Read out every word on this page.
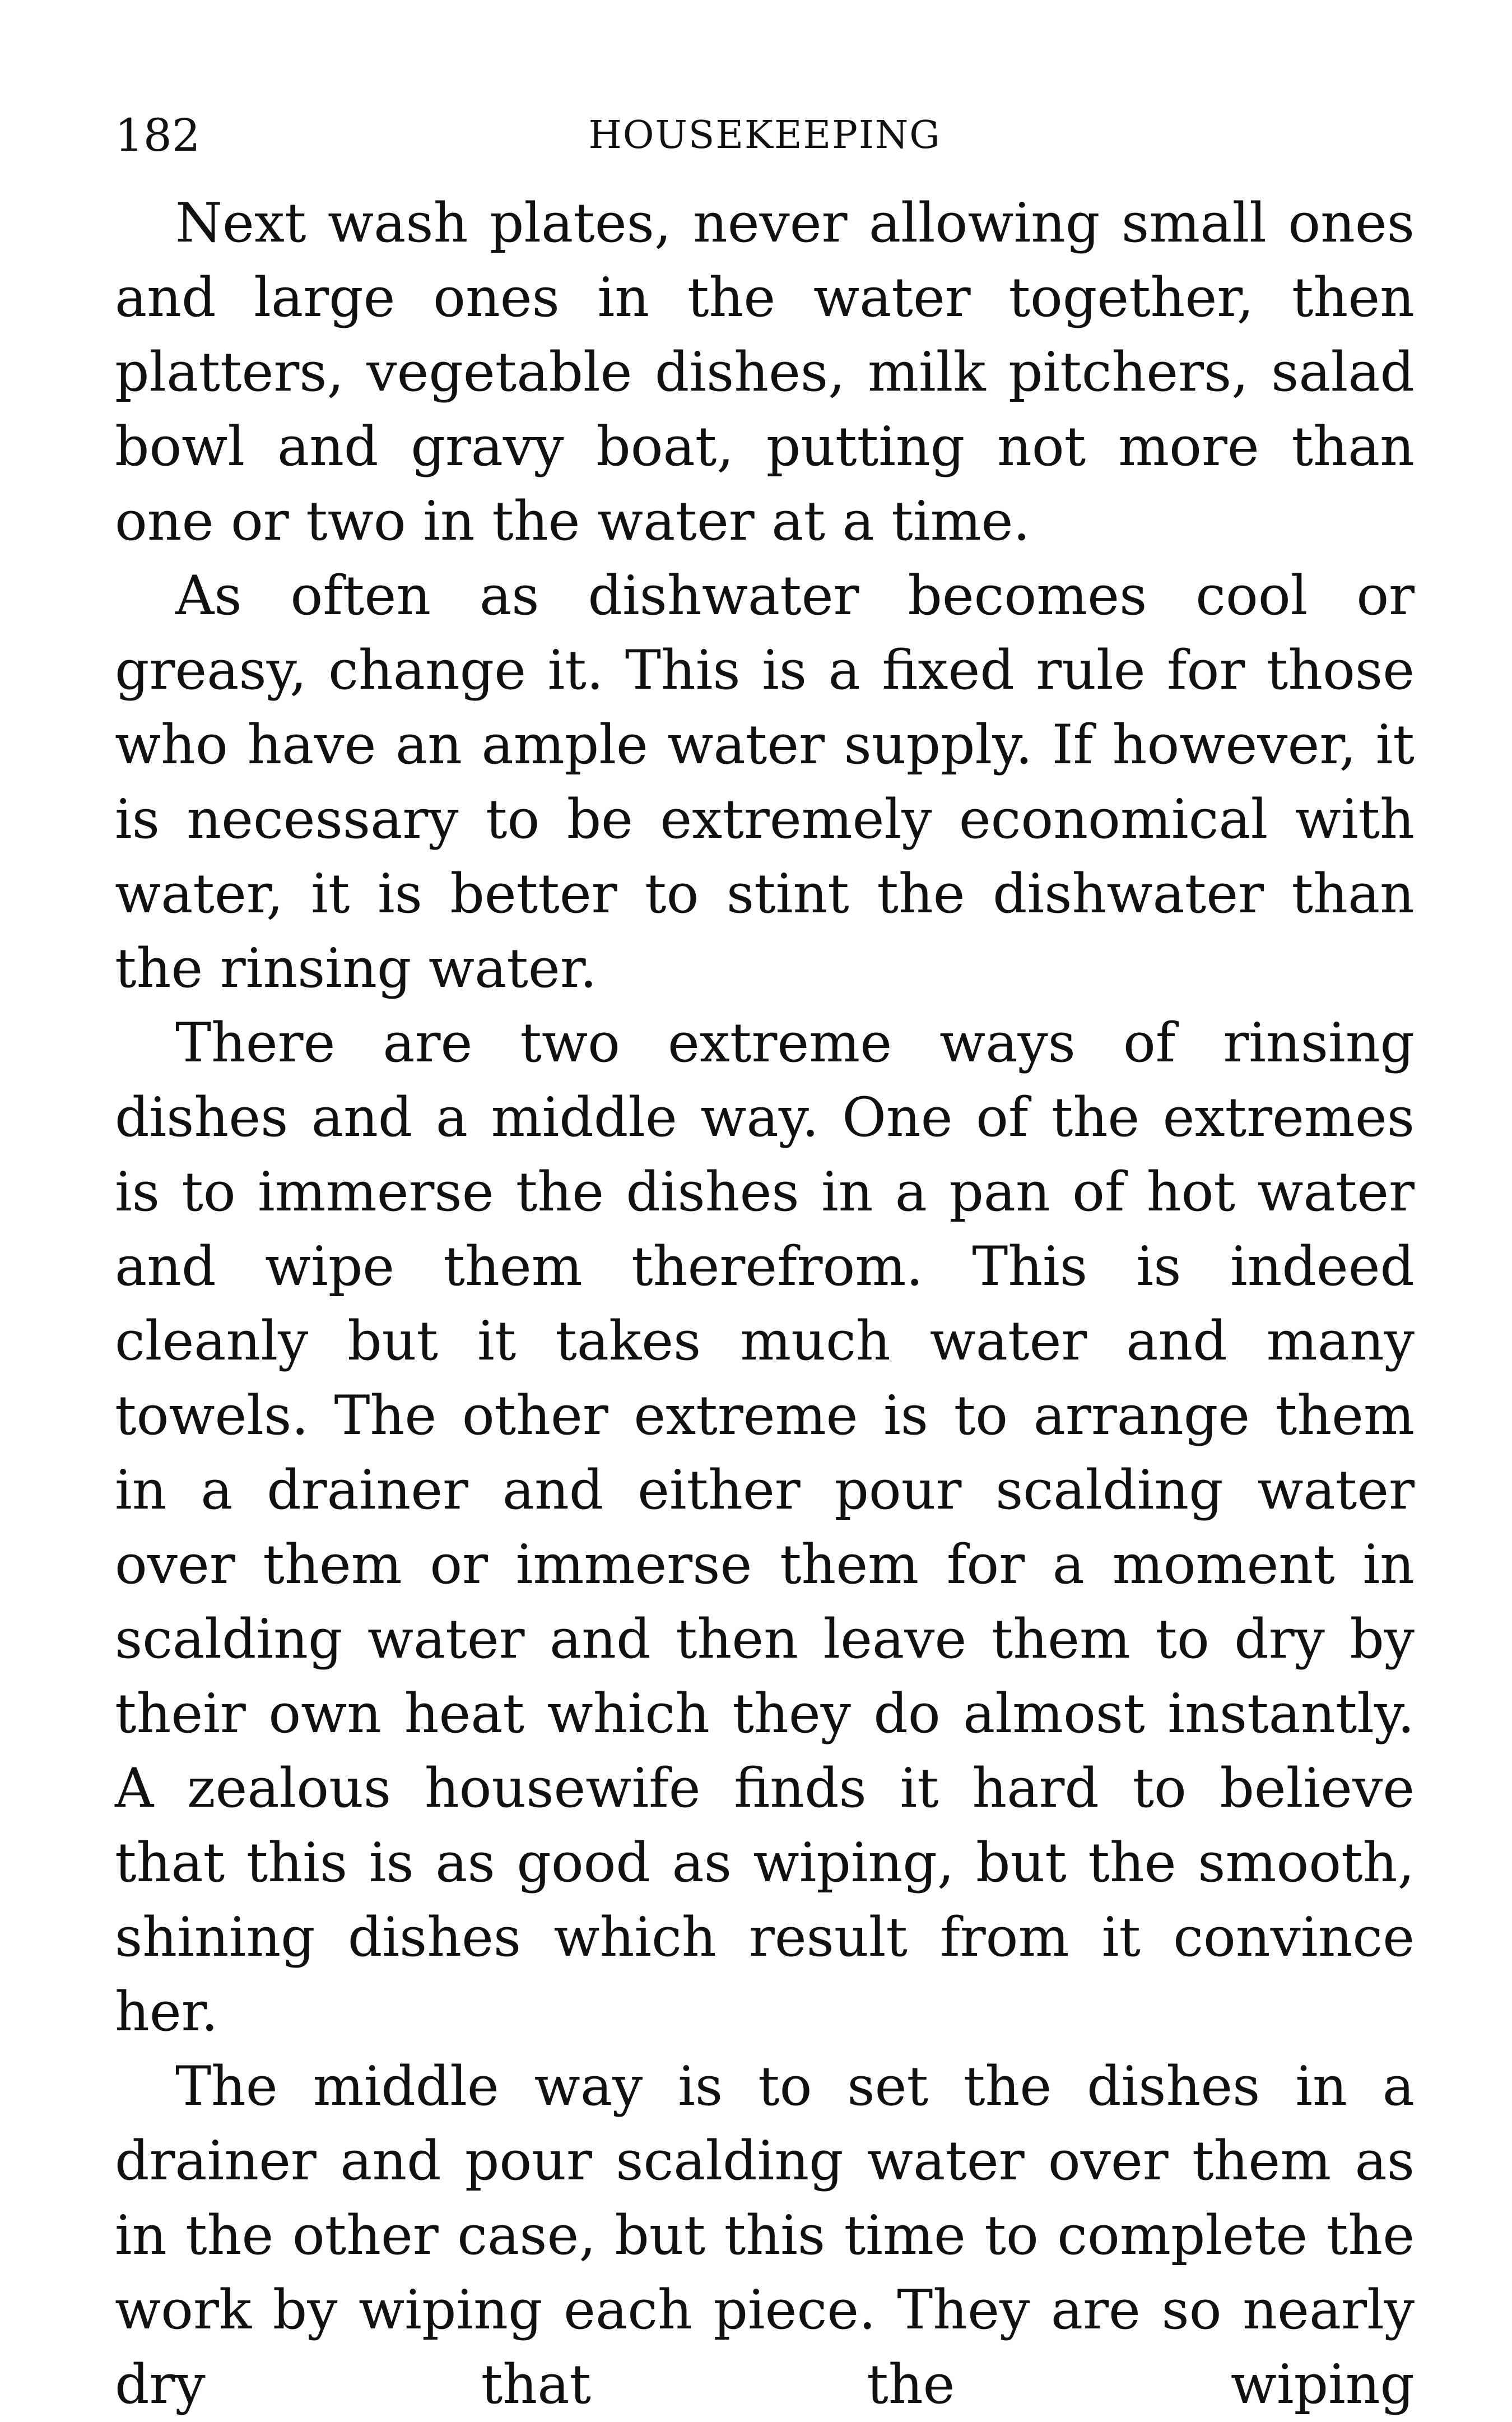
182	HOUSEKEEPING

Next wash plates, never allowing small ones and large ones in the water together, then platters, vegetable dishes, milk pitchers, salad bowl and gravy boat, putting not more than one or two in the water at a time.

As often as dishwater becomes cool or greasy, change it. This is a fixed rule for those who have an ample water supply. If however, it is necessary to be extremely economical with water, it is better to stint the dishwater than the rinsing water.

There are two extreme ways of rinsing dishes and a middle way. One of the extremes is to immerse the dishes in a pan of hot water and wipe them therefrom. This is indeed cleanly but it takes much water and many towels. The other extreme is to arrange them in a drainer and either pour scalding water over them or immerse them for a moment in scalding water and then leave them to dry by their own heat which they do almost instantly. A zealous housewife finds it hard to believe that this is as good as wiping, but the smooth, shining dishes which result from it convince her.

The middle way is to set the dishes in a drainer and pour scalding water over them as in the other case, but this time to complete the work by wiping each piece. They are so nearly dry that the wiping
